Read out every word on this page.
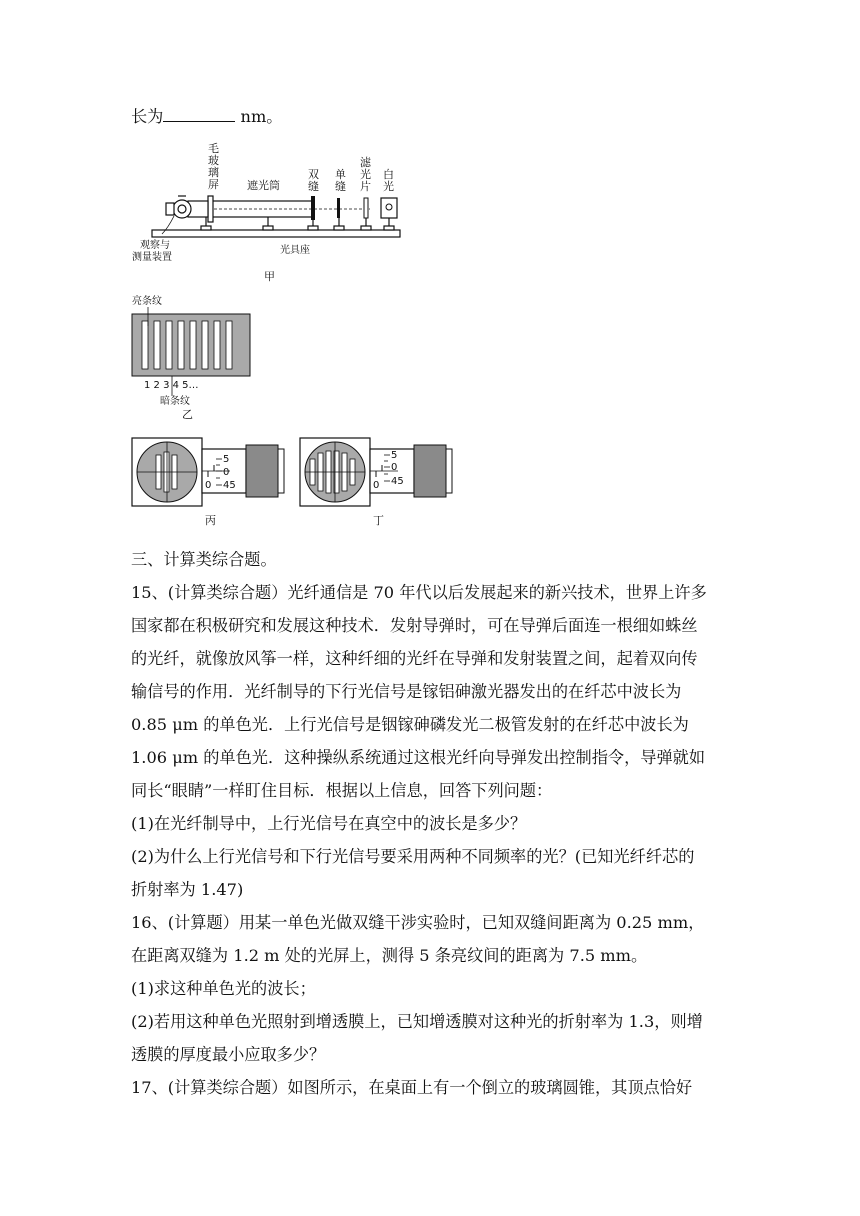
长为	nm。
毛
玻
璃
屏	遮光筒
双
缝
单
缝
滤
光
片
白
光
观察与
测量装置
光具座
甲
亮条纹
1 2 3 4 5…
暗条纹
乙
5
0
45
0
丙
5
0
45
0
丁
三、计算类综合题。
15、(计算类综合题）光纤通信是 70 年代以后发展起来的新兴技术，世界上许多
国家都在积极研究和发展这种技术．发射导弹时，可在导弹后面连一根细如蛛丝
的光纤，就像放风筝一样，这种纤细的光纤在导弹和发射装置之间，起着双向传
输信号的作用．光纤制导的下行光信号是镓铝砷激光器发出的在纤芯中波长为
0.85 μm 的单色光．上行光信号是铟镓砷磷发光二极管发射的在纤芯中波长为
1.06 μm 的单色光．这种操纵系统通过这根光纤向导弹发出控制指令，导弹就如
同长“眼睛”一样盯住目标．根据以上信息，回答下列问题：
(1)在光纤制导中，上行光信号在真空中的波长是多少？
(2)为什么上行光信号和下行光信号要采用两种不同频率的光？(已知光纤纤芯的
折射率为 1.47)
16、(计算题）用某一单色光做双缝干涉实验时，已知双缝间距离为 0.25 mm，
在距离双缝为 1.2 m 处的光屏上，测得 5 条亮纹间的距离为 7.5 mm。
(1)求这种单色光的波长；
(2)若用这种单色光照射到增透膜上，已知增透膜对这种光的折射率为 1.3，则增
透膜的厚度最小应取多少？
17、(计算类综合题）如图所示，在桌面上有一个倒立的玻璃圆锥，其顶点恰好
